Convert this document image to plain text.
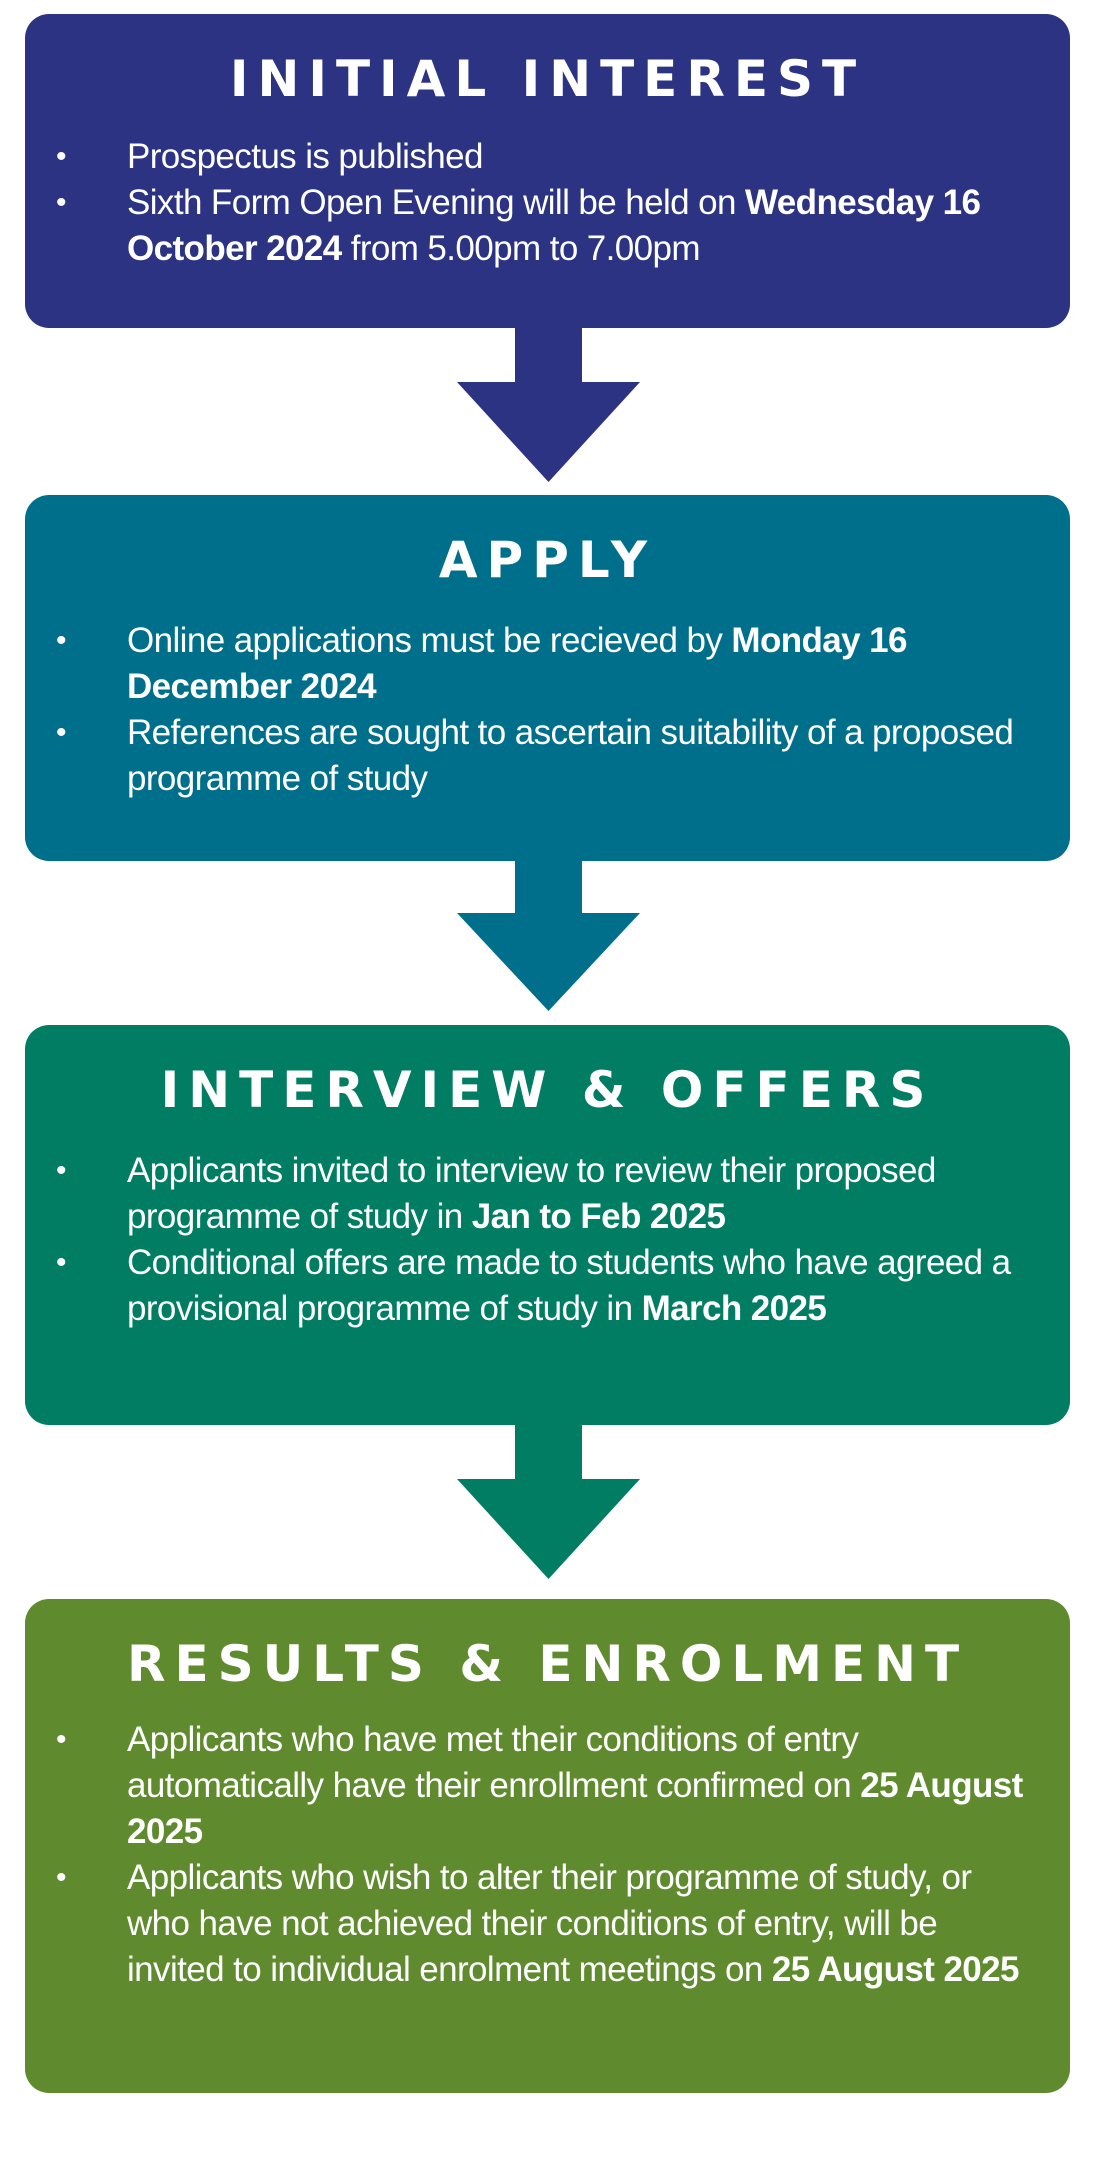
INITIAL INTEREST
• Prospectus is published
• Sixth Form Open Evening will be held on Wednesday 16 October 2024 from 5.00pm to 7.00pm
APPLY
• Online applications must be recieved by Monday 16 December 2024
• References are sought to ascertain suitability of a proposed programme of study
INTERVIEW & OFFERS
• Applicants invited to interview to review their proposed programme of study in Jan to Feb 2025
• Conditional offers are made to students who have agreed a provisional programme of study in March 2025
RESULTS & ENROLMENT
• Applicants who have met their conditions of entry automatically have their enrollment confirmed on 25 August 2025
• Applicants who wish to alter their programme of study, or who have not achieved their conditions of entry, will be invited to individual enrolment meetings on 25 August 2025
